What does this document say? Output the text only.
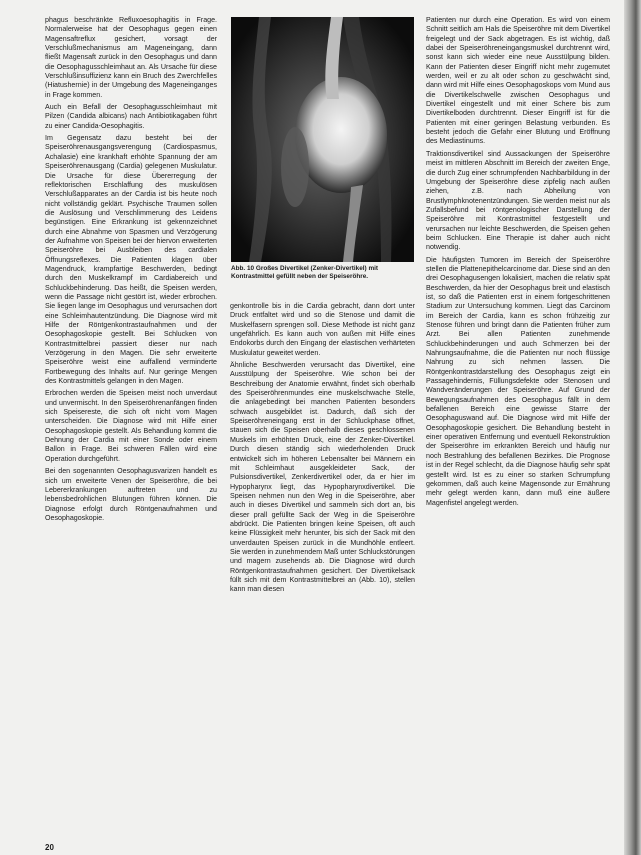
phagus beschränkte Refluxoesophagitis in Frage. Normalerweise hat der Oesophagus gegen einen Magensaftreflux gesichert, vorsagt der Verschlußmechanismus am Mageneingang, dann fließt Magensaft zurück in den Oesophagus und dann die Oesophagusschleimhaut an. Als Ursache für diese Verschlußinsuffizienz kann ein Bruch des Zwerchfelles (Hiatushernie) in der Umgebung des Mageneinganges in Frage kommen.

Auch ein Befall der Oesophagusschleimhaut mit Pilzen (Candida albicans) nach Antibiotikagaben führt zu einer Candida-Oesophagitis.

Im Gegensatz dazu besteht bei der Speiseröhrenausgangsverengung (Cardiospasmus, Achalasie) eine krankhaft erhöhte Spannung der am Speiseröhrenausgang (Cardia) gelegenen Muskulatur. Die Ursache für diese Übererregung der reflektorischen Erschlaffung des muskulösen Verschlußapparates an der Cardia ist bis heute noch nicht vollständig geklärt. Psychische Traumen sollen die Auslösung und Verschlimmerung des Leidens begünstigen. Eine Erkrankung ist gekennzeichnet durch eine Abnahme von Spasmen und Verzögerung der Aufnahme von Speisen bei der hiervon erweiterten Speiseröhre bei Ausbleiben des cardialen Öffnungsreflexes. Die Patienten klagen über Magendruck, krampfartige Beschwerden, bedingt durch den Muskelkrampf im Cardiabereich und Schluckbehinderung. Das heißt, die Speisen werden, wenn die Passage nicht gestört ist, wieder erbrochen. Sie liegen lange im Oesophagus und verursachen dort eine Schleimhautentzündung. Die Diagnose wird mit Hilfe der Röntgenkontrastaufnahmen und der Oesophagoskopie gestellt. Bei Schlucken von Kontrastmittelbrei passiert dieser nur nach Verzögerung in den Magen. Die sehr erweiterte Speiseröhre weist eine auffallend verminderte Fortbewegung des Inhalts auf. Nur geringe Mengen des Kontrastmittels gelangen in den Magen.

Erbrochen werden die Speisen meist noch unverdaut und unvermischt. In den Speiseröhrenanfängen finden sich Speisereste, die sich oft nicht vom Magen unterscheiden. Die Diagnose wird mit Hilfe einer Oesophagoskopie gestellt. Als Behandlung kommt die Dehnung der Cardia mit einer Sonde oder einem Ballon in Frage. Bei schweren Fällen wird eine Operation durchgeführt.

Bei den sogenannten Oesophagusvarizen handelt es sich um erweiterte Venen der Speiseröhre, die bei Lebererkrankungen auftreten und zu lebensbedrohlichen Blutungen führen können. Die Diagnose erfolgt durch Röntgenaufnahmen und Oesophagoskopie.

Abb. 10 Großes Divertikel (Zenker-Divertikel) mit Kontrastmittel gefüllt neben der Speiseröhre.

genkontrolle bis in die Cardia gebracht, dann dort unter Druck entfaltet wird und so die Stenose und damit die Muskelfasern sprengen soll. Diese Methode ist nicht ganz ungefährlich. Es kann auch von außen mit Hilfe eines Endokorbs durch den Eingang der elastischen verhärteten Muskulatur geweitet werden.

Ähnliche Beschwerden verursacht das Divertikel, eine Ausstülpung der Speiseröhre. Wie schon bei der Beschreibung der Anatomie erwähnt, findet sich oberhalb des Speiseröhrenmundes eine muskelschwache Stelle, die anlagebedingt bei manchen Patienten besonders schwach ausgebildet ist. Dadurch, daß sich der Speiseröhreneingang erst in der Schluckphase öffnet, stauen sich die Speisen oberhalb dieses geschlossenen Muskels im erhöhten Druck, eine der Zenker-Divertikel. Durch diesen ständig sich wiederholenden Druck entwickelt sich im höheren Lebensalter bei Männern ein mit Schleimhaut ausgekleideter Sack, der Pulsionsdivertikel, Zenkerdivertikel oder, da er hier im Hypopharynx liegt, das Hypopharynxdivertikel. Die Speisen nehmen nun den Weg in die Speiseröhre, aber auch in dieses Divertikel und sammeln sich dort an, bis dieser prall gefüllte Sack der Weg in die Speiseröhre abdrückt. Die Patienten bringen keine Speisen, oft auch keine Flüssigkeit mehr herunter, bis sich der Sack mit den unverdauten Speisen zurück in die Mundhöhle entleert. Sie werden in zunehmendem Maß unter Schluckstörungen und magern zusehends ab. Die Diagnose wird durch Röntgenkontrastaufnahmen gesichert. Der Divertikelsack füllt sich mit dem Kontrastmittelbrei an (Abb. 10), stellen kann man diesen

Patienten nur durch eine Operation. Es wird von einem Schnitt seitlich am Hals die Speiseröhre mit dem Divertikel freigelegt und der Sack abgetragen. Es ist wichtig, daß dabei der Speiseröhreneingangsmuskel durchtrennt wird, sonst kann sich wieder eine neue Ausstülpung bilden. Kann der Patienten dieser Eingriff nicht mehr zugemutet werden, weil er zu alt oder schon zu geschwächt sind, dann wird mit Hilfe eines Oesophagoskops vom Mund aus die Divertikelschwelle zwischen Oesophagus und Divertikel eingestellt und mit einer Schere bis zum Divertikelboden durchtrennt. Dieser Eingriff ist für die Patienten mit einer geringen Belastung verbunden. Es besteht jedoch die Gefahr einer Blutung und Eröffnung des Mediastinums.

Traktionsdivertikel sind Aussackungen der Speiseröhre meist im mittleren Abschnitt im Bereich der zweiten Enge, die durch Zug einer schrumpfenden Nachbarbildung in der Umgebung der Speiseröhre diese zipfelig nach außen ziehen, z.B. nach Abheilung von Brustlymphknotenentzündungen. Sie werden meist nur als Zufallsbefund bei röntgenologischer Darstellung der Speiseröhre mit Kontrastmittel festgestellt und verursachen nur leichte Beschwerden, die Speisen gehen beim Schlucken. Eine Therapie ist daher auch nicht notwendig.

Die häufigsten Tumoren im Bereich der Speiseröhre stellen die Plattenepithelcarcinome dar. Diese sind an den drei Oesophagusengen lokalisiert, machen die relativ spät Beschwerden, da hier der Oesophagus breit und elastisch ist, so daß die Patienten erst in einem fortgeschrittenen Stadium zur Untersuchung kommen. Liegt das Carcinom im Bereich der Cardia, kann es schon frühzeitig zur Stenose führen und bringt dann die Patienten früher zum Arzt. Bei allen Patienten zunehmende Schluckbehinderungen und auch Schmerzen bei der Nahrungsaufnahme, die die Patienten nur noch flüssige Nahrung zu sich nehmen lassen. Die Röntgenkontrastdarstellung des Oesophagus zeigt ein Passagehindernis, Füllungsdefekte oder Stenosen und Wandveränderungen der Speiseröhre. Auf Grund der Bewegungsaufnahmen des Oesophagus fällt in dem befallenen Bereich eine gewisse Starre der Oesophaguswand auf. Die Diagnose wird mit Hilfe der Oesophagoskopie gesichert. Die Behandlung besteht in einer operativen Entfernung und eventuell Rekonstruktion der Speiseröhre im erkrankten Bereich und häufig nur noch Bestrahlung des befallenen Bezirkes. Die Prognose ist in der Regel schlecht, da die Diagnose häufig sehr spät gestellt wird. Ist es zu einer so starken Schrumpfung gekommen, daß auch keine Magensonde zur Ernährung mehr gelegt werden kann, dann muß eine äußere Magenfistel angelegt werden.

20
